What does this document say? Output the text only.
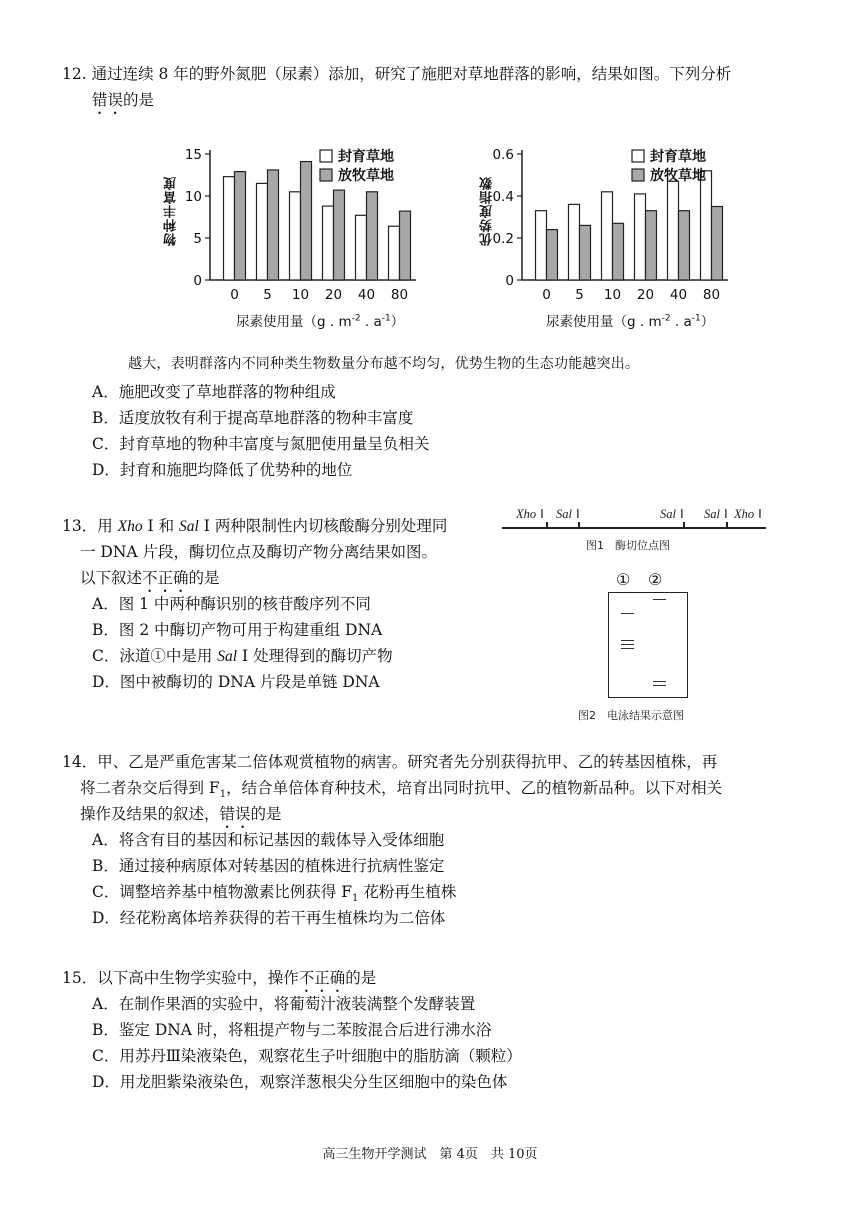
12. 通过连续 8 年的野外氮肥（尿素）添加，研究了施肥对草地群落的影响，结果如图。下列分析
错误的是
物种丰富度
0
5
10
15
0 5 10 20 40 80
封育草地
放牧草地
尿素使用量（g . $m^{-2}$ . $a^{-1}$）
优势度指数
0
0.2
0.4
0.6
0 5 10 20 40 80
封育草地
放牧草地
尿素使用量（g . $m^{-2}$ . $a^{-1}$）
越大，表明群落内不同种类生物数量分布越不均匀，优势生物的生态功能越突出。
A．施肥改变了草地群落的物种组成
B．适度放牧有利于提高草地群落的物种丰富度
C．封育草地的物种丰富度与氮肥使用量呈负相关
D．封育和施肥均降低了优势种的地位
13．用 Xho I 和 Sal I 两种限制性内切核酸酶分别处理同
一 DNA 片段，酶切位点及酶切产物分离结果如图。
以下叙述不正确的是
A．图 1 中两种酶识别的核苷酸序列不同
B．图 2 中酶切产物可用于构建重组 DNA
C．泳道①中是用 Sal I 处理得到的酶切产物
D．图中被酶切的 DNA 片段是单链 DNA
Xho I Sal I	Sal I Sal I Xho I
图1　酶切位点图
① ②
图2　电泳结果示意图
14．甲、乙是严重危害某二倍体观赏植物的病害。研究者先分别获得抗甲、乙的转基因植株，再
将二者杂交后得到 $F_1$，结合单倍体育种技术，培育出同时抗甲、乙的植物新品种。以下对相关
操作及结果的叙述，错误的是
A．将含有目的基因和标记基因的载体导入受体细胞
B．通过接种病原体对转基因的植株进行抗病性鉴定
C．调整培养基中植物激素比例获得 $F_1$ 花粉再生植株
D．经花粉离体培养获得的若干再生植株均为二倍体
15．以下高中生物学实验中，操作不正确的是
A．在制作果酒的实验中，将葡萄汁液装满整个发酵装置
B．鉴定 DNA 时，将粗提产物与二苯胺混合后进行沸水浴
C．用苏丹Ⅲ染液染色，观察花生子叶细胞中的脂肪滴（颗粒）
D．用龙胆紫染液染色，观察洋葱根尖分生区细胞中的染色体
高三生物开学测试　第 4页　共 10页
